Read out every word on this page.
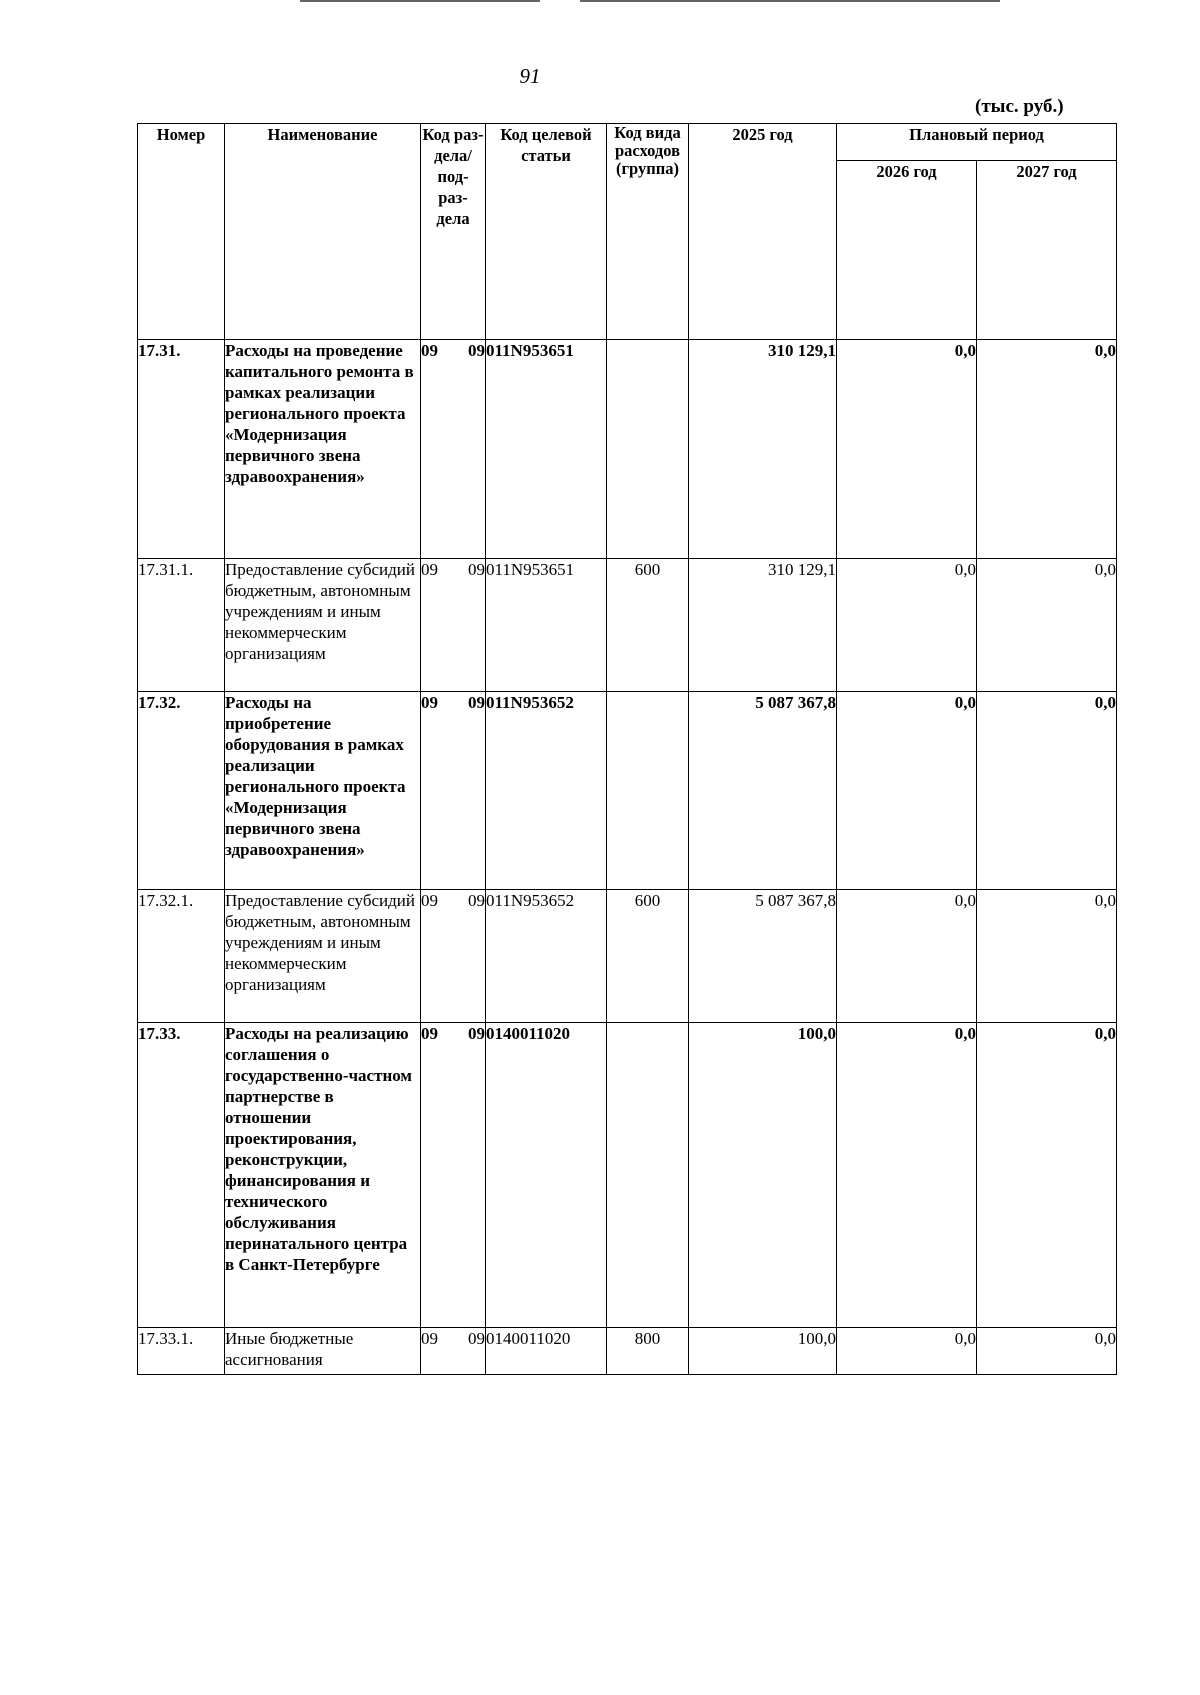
91
(тыс. руб.)
Номер	Наименование	Код раз- дела/ под- раз- дела	Код целевой статьи	Код вида расходов (группа)	2025 год	Плановый период	
						2026 год	2027 год
17.31.	Расходы на проведение капитального ремонта в рамках реализации регионального проекта «Модернизация первичного звена здравоохранения»	09 09	011N953651		310 129,1	0,0	0,0
17.31.1.	Предоставление субсидий бюджетным, автономным учреждениям и иным некоммерческим организациям	09 09	011N953651	600	310 129,1	0,0	0,0
17.32.	Расходы на приобретение оборудования в рамках реализации регионального проекта «Модернизация первичного звена здравоохранения»	09 09	011N953652		5 087 367,8	0,0	0,0
17.32.1.	Предоставление субсидий бюджетным, автономным учреждениям и иным некоммерческим организациям	09 09	011N953652	600	5 087 367,8	0,0	0,0
17.33.	Расходы на реализацию соглашения о государственно-частном партнерстве в отношении проектирования, реконструкции, финансирования и технического обслуживания перинатального центра в Санкт-Петербурге	09 09	0140011020		100,0	0,0	0,0
17.33.1.	Иные бюджетные ассигнования	09 09	0140011020	800	100,0	0,0	0,0
